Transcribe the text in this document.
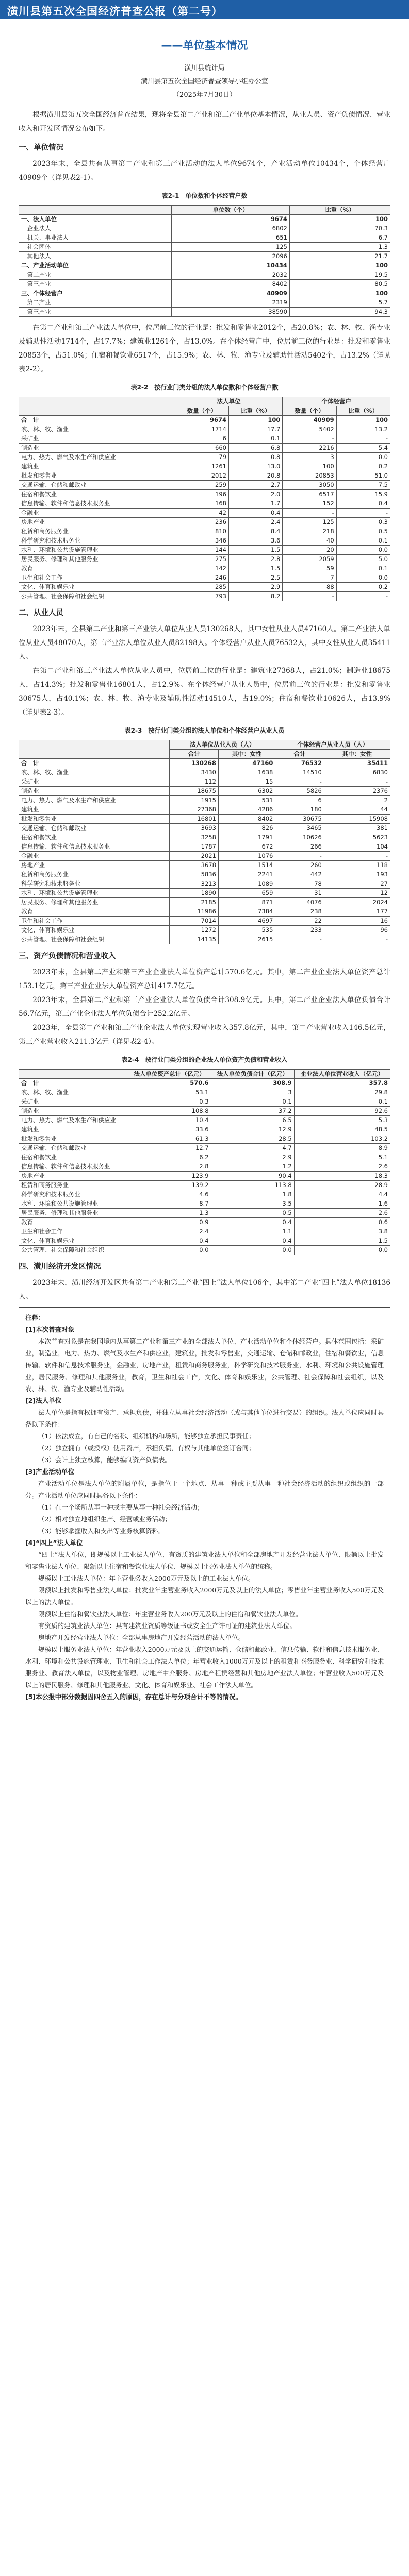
潢川县第五次全国经济普查公报（第二号）
——单位基本情况
潢川县统计局
潢川县第五次全国经济普查领导小组办公室
（2025年7月30日）

根据潢川县第五次全国经济普查结果，现将全县第二产业和第三产业单位基本情况，从业人员、资产负债情况、营业收入和开发区情况公布如下。

一、单位情况

2023年末，全县共有从事第二产业和第三产业活动的法人单位9674个，产业活动单位10434个，个体经营户40909个（详见表2-1）。

表2-1　单位数和个体经营户数
	单位数（个）	比重（%）
一、法人单位	9674	100
　企业法人	6802	70.3
　机关、事业法人	651	6.7
　社会团体	125	1.3
　其他法人	2096	21.7
二、产业活动单位	10434	100
　第二产业	2032	19.5
　第三产业	8402	80.5
三、个体经营户	40909	100
　第二产业	2319	5.7
　第三产业	38590	94.3

在第二产业和第三产业法人单位中，位居前三位的行业是：批发和零售业2012个，占20.8%；农、林、牧、渔专业及辅助性活动1714个，占17.7%；建筑业1261个，占13.0%。在个体经营户中，位居前三位的行业是：批发和零售业20853个，占51.0%；住宿和餐饮业6517个，占15.9%；农、林、牧、渔专业及辅助性活动5402个，占13.2%（详见表2-2）。

表2-2　按行业门类分组的法人单位数和个体经营户数
	法人单位		个体经营户	
	数量（个）	比重（%）	数量（个）	比重（%）
合　计	9674	100	40909	100
农、林、牧、渔业	1714	17.7	5402	13.2
采矿业	6	0.1	-	-
制造业	660	6.8	2216	5.4
电力、热力、燃气及水生产和供应业	79	0.8	3	0.0
建筑业	1261	13.0	100	0.2
批发和零售业	2012	20.8	20853	51.0
交通运输、仓储和邮政业	259	2.7	3050	7.5
住宿和餐饮业	196	2.0	6517	15.9
信息传输、软件和信息技术服务业	168	1.7	152	0.4
金融业	42	0.4	-	-
房地产业	236	2.4	125	0.3
租赁和商务服务业	810	8.4	218	0.5
科学研究和技术服务业	346	3.6	40	0.1
水利、环境和公共设施管理业	144	1.5	20	0.0
居民服务、修理和其他服务业	275	2.8	2059	5.0
教育	142	1.5	59	0.1
卫生和社会工作	246	2.5	7	0.0
文化、体育和娱乐业	285	2.9	88	0.2
公共管理、社会保障和社会组织	793	8.2	-	-
二、从业人员

2023年末，全县第二产业和第三产业法人单位从业人员130268人，其中女性从业人员47160人。第二产业法人单位从业人员48070人，第三产业法人单位从业人员82198人。个体经营户从业人员76532人，其中女性从业人员35411人。

在第二产业和第三产业法人单位从业人员中，位居前三位的行业是：建筑业27368人，占21.0%；制造业18675人，占14.3%；批发和零售业16801人，占12.9%。在个体经营户从业人员中，位居前三位的行业是：批发和零售业30675人，占40.1%；农、林、牧、渔专业及辅助性活动14510人，占19.0%；住宿和餐饮业10626人，占13.9%（详见表2-3）。

表2-3　按行业门类分组的法人单位和个体经营户从业人员
	法人单位从业人员（人）		个体经营户从业人员（人）	
	合计	其中：女性	合计	其中：女性
合　计	130268	47160	76532	35411
农、林、牧、渔业	3430	1638	14510	6830
采矿业	112	15	-	-
制造业	18675	6302	5826	2376
电力、热力、燃气及水生产和供应业	1915	531	6	2
建筑业	27368	4286	180	44
批发和零售业	16801	8402	30675	15908
交通运输、仓储和邮政业	3693	826	3465	381
住宿和餐饮业	3258	1791	10626	5623
信息传输、软件和信息技术服务业	1787	672	266	104
金融业	2021	1076	-	-
房地产业	3678	1514	260	118
租赁和商务服务业	5836	2241	442	193
科学研究和技术服务业	3213	1089	78	27
水利、环境和公共设施管理业	1890	659	31	12
居民服务、修理和其他服务业	2185	871	4076	2024
教育	11986	7384	238	177
卫生和社会工作	7014	4697	22	16
文化、体育和娱乐业	1272	535	233	96
公共管理、社会保障和社会组织	14135	2615	-	-
三、资产负债情况和营业收入

2023年末，全县第二产业和第三产业企业法人单位资产总计570.6亿元。其中，第二产业企业法人单位资产总计153.1亿元，第三产业企业法人单位资产总计417.7亿元。

2023年末，全县第二产业和第三产业企业法人单位负债合计308.9亿元。其中，第二产业企业法人单位负债合计56.7亿元，第三产业企业法人单位负债合计252.2亿元。

2023年，全县第二产业和第三产业企业法人单位实现营业收入357.8亿元，其中，第二产业营业收入146.5亿元，第三产业营业收入211.3亿元（详见表2-4）。

表2-4　按行业门类分组的企业法人单位资产负债和营业收入
	法人单位资产总计（亿元）	法人单位负债合计（亿元）	企业法人单位营业收入（亿元）
合　计	570.6	308.9	357.8
农、林、牧、渔业	53.1	3	29.8
采矿业	0.3	0.1	0.1
制造业	108.8	37.2	92.6
电力、热力、燃气及水生产和供应业	10.4	6.5	5.3
建筑业	33.6	12.9	48.5
批发和零售业	61.3	28.5	103.2
交通运输、仓储和邮政业	12.7	4.7	8.9
住宿和餐饮业	6.2	2.9	5.1
信息传输、软件和信息技术服务业	2.8	1.2	2.6
房地产业	123.9	90.4	18.3
租赁和商务服务业	139.2	113.8	28.9
科学研究和技术服务业	4.6	1.8	4.4
水利、环境和公共设施管理业	8.7	3.5	1.6
居民服务、修理和其他服务业	1.3	0.5	2.6
教育	0.9	0.4	0.6
卫生和社会工作	2.4	1.1	3.8
文化、体育和娱乐业	0.4	0.4	1.5
公共管理、社会保障和社会组织	0.0	0.0	0.0
四、潢川经济开发区情况

2023年末，潢川经济开发区共有第二产业和第三产业“四上”法人单位106个，其中第二产业“四上”法人单位18136人。

注释：
[1]本次普查对象

本次普查对象是在我国境内从事第二产业和第三产业的全部法人单位、产业活动单位和个体经营户。具体范围包括：采矿业，制造业，电力、热力、燃气及水生产和供应业，建筑业，批发和零售业，交通运输、仓储和邮政业，住宿和餐饮业，信息传输、软件和信息技术服务业，金融业，房地产业，租赁和商务服务业，科学研究和技术服务业，水利、环境和公共设施管理业，居民服务、修理和其他服务业，教育，卫生和社会工作，文化、体育和娱乐业，公共管理、社会保障和社会组织，以及农、林、牧、渔专业及辅助性活动。

[2]法人单位

法人单位是指有权拥有资产、承担负债，并独立从事社会经济活动（或与其他单位进行交易）的组织。法人单位应同时具备以下条件：

（1）依法成立，有自己的名称、组织机构和场所，能够独立承担民事责任；

（2）独立拥有（或授权）使用资产，承担负债，有权与其他单位签订合同；

（3）会计上独立核算，能够编制资产负债表。

[3]产业活动单位

产业活动单位是法人单位的附属单位，是指位于一个地点、从事一种或主要从事一种社会经济活动的组织或组织的一部分。产业活动单位应同时具备以下条件：

（1）在一个场所从事一种或主要从事一种社会经济活动；

（2）相对独立地组织生产、经营或业务活动；

（3）能够掌握收入和支出等业务核算资料。

[4]“四上”法人单位

“四上”法人单位，即规模以上工业法人单位、有资质的建筑业法人单位和全部房地产开发经营业法人单位、限额以上批发和零售业法人单位、限额以上住宿和餐饮业法人单位、规模以上服务业法人单位的统称。

规模以上工业法人单位：年主营业务收入2000万元及以上的工业法人单位。

限额以上批发和零售业法人单位：批发业年主营业务收入2000万元及以上的法人单位；零售业年主营业务收入500万元及以上的法人单位。

限额以上住宿和餐饮业法人单位：年主营业务收入200万元及以上的住宿和餐饮业法人单位。

有资质的建筑业法人单位：具有建筑业资质等级证书或安全生产许可证的建筑业法人单位。

房地产开发经营业法人单位：全部从事房地产开发经营活动的法人单位。

规模以上服务业法人单位：年营业收入2000万元及以上的交通运输、仓储和邮政业、信息传输、软件和信息技术服务业、水利、环境和公共设施管理业、卫生和社会工作法人单位；年营业收入1000万元及以上的租赁和商务服务业、科学研究和技术服务业、教育法人单位，以及物业管理、房地产中介服务、房地产租赁经营和其他房地产业法人单位；年营业收入500万元及以上的居民服务、修理和其他服务业、文化、体育和娱乐业、社会工作法人单位。

[5]本公报中部分数据因四舍五入的原因，存在总计与分项合计不等的情况。
